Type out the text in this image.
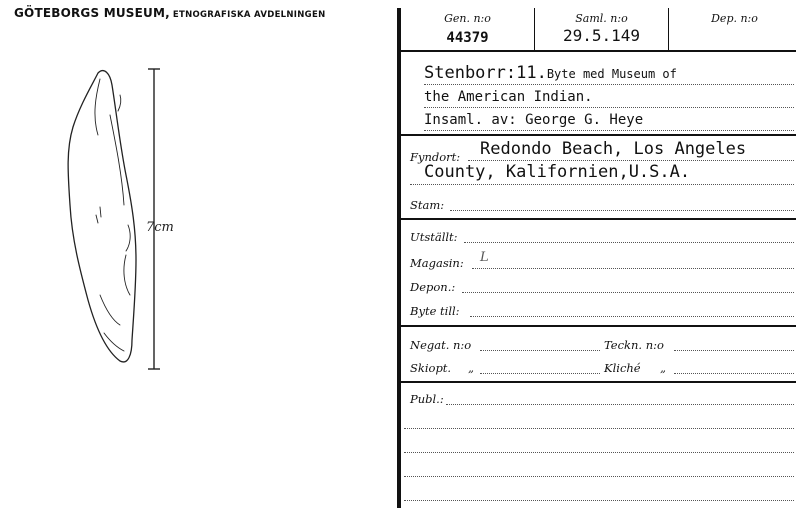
GÖTEBORGS MUSEUM, ETNOGRAFISKA AVDELNINGEN
7cm
Gen. n:o
44379
Saml. n:o
29.5.149
Dep. n:o
Stenborr:11.Byte med Museum of
the American Indian.
Insaml. av: George G. Heye
Fyndort: Redondo Beach, Los Angeles
County, Kalifornien,U.S.A.
Stam:
Utställt:
Magasin: L
Depon.:
Byte till:
Negat. n:o	Teckn. n:o
Skiopt. „	Kliché „
Publ.:
